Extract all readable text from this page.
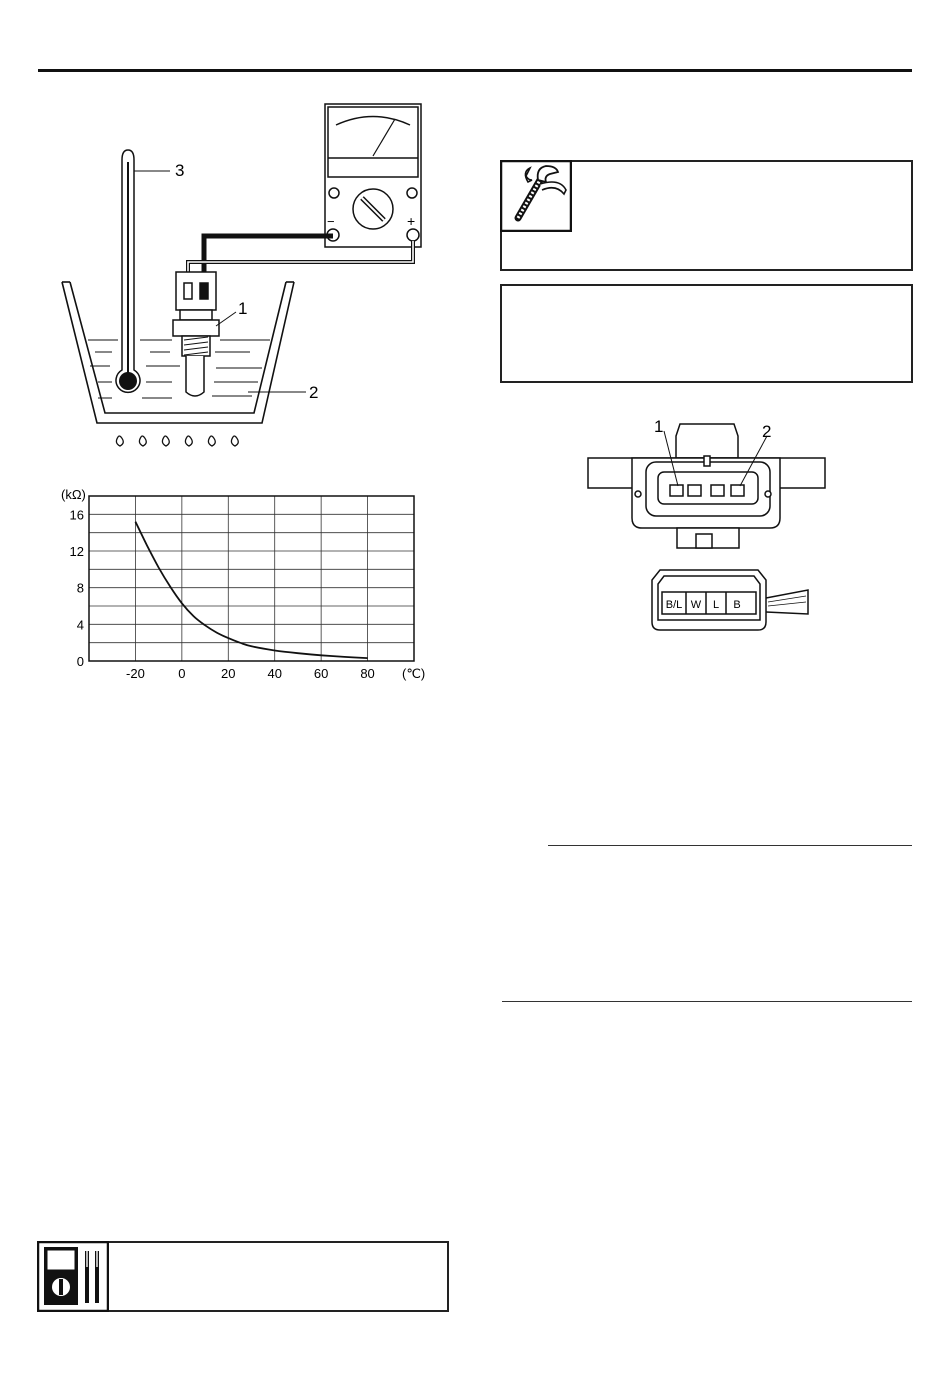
−	+
1
2
3
-20	0	20 40 60 80
16
12
8
4
0
(kΩ)
(℃)
1	2
B/L W L B
